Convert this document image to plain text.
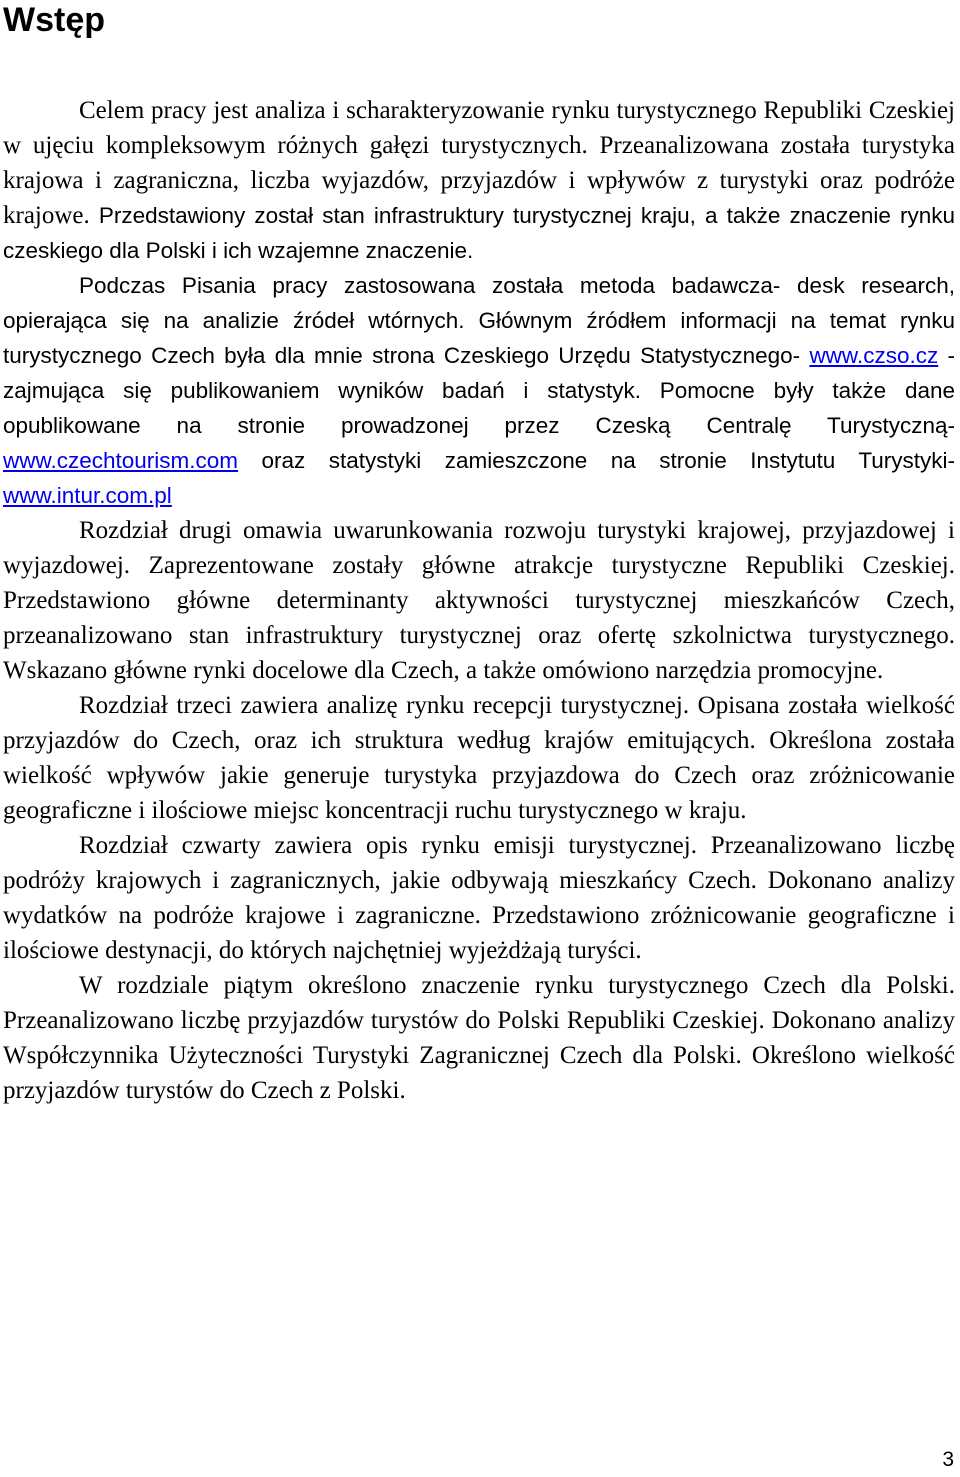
Wstęp

Celem pracy jest analiza i scharakteryzowanie rynku turystycznego Republiki Czeskiej w ujęciu kompleksowym różnych gałęzi turystycznych. Przeanalizowana została turystyka krajowa i zagraniczna, liczba wyjazdów, przyjazdów i wpływów z turystyki oraz podróże krajowe. Przedstawiony został stan infrastruktury turystycznej kraju, a także znaczenie rynku czeskiego dla Polski i ich wzajemne znaczenie.

Podczas Pisania pracy zastosowana została metoda badawcza- desk research, opierająca się na analizie źródeł wtórnych. Głównym źródłem informacji na temat rynku turystycznego Czech była dla mnie strona Czeskiego Urzędu Statystycznego- www.czso.cz - zajmująca się publikowaniem wyników badań i statystyk. Pomocne były także dane opublikowane na stronie prowadzonej przez Czeską Centralę Turystyczną- www.czechtourism.com oraz statystyki zamieszczone na stronie Instytutu Turystyki- www.intur.com.pl

Rozdział drugi omawia uwarunkowania rozwoju turystyki krajowej, przyjazdowej i wyjazdowej. Zaprezentowane zostały główne atrakcje turystyczne Republiki Czeskiej. Przedstawiono główne determinanty aktywności turystycznej mieszkańców Czech, przeanalizowano stan infrastruktury turystycznej oraz ofertę szkolnictwa turystycznego. Wskazano główne rynki docelowe dla Czech, a także omówiono narzędzia promocyjne.

Rozdział trzeci zawiera analizę rynku recepcji turystycznej. Opisana została wielkość przyjazdów do Czech, oraz ich struktura według krajów emitujących. Określona została wielkość wpływów jakie generuje turystyka przyjazdowa do Czech oraz zróżnicowanie geograficzne i ilościowe miejsc koncentracji ruchu turystycznego w kraju.

Rozdział czwarty zawiera opis rynku emisji turystycznej. Przeanalizowano liczbę podróży krajowych i zagranicznych, jakie odbywają mieszkańcy Czech. Dokonano analizy wydatków na podróże krajowe i zagraniczne. Przedstawiono zróżnicowanie geograficzne i ilościowe destynacji, do których najchętniej wyjeżdżają turyści.

W rozdziale piątym określono znaczenie rynku turystycznego Czech dla Polski. Przeanalizowano liczbę przyjazdów turystów do Polski Republiki Czeskiej. Dokonano analizy Współczynnika Użyteczności Turystyki Zagranicznej Czech dla Polski. Określono wielkość przyjazdów turystów do Czech z Polski.

3
